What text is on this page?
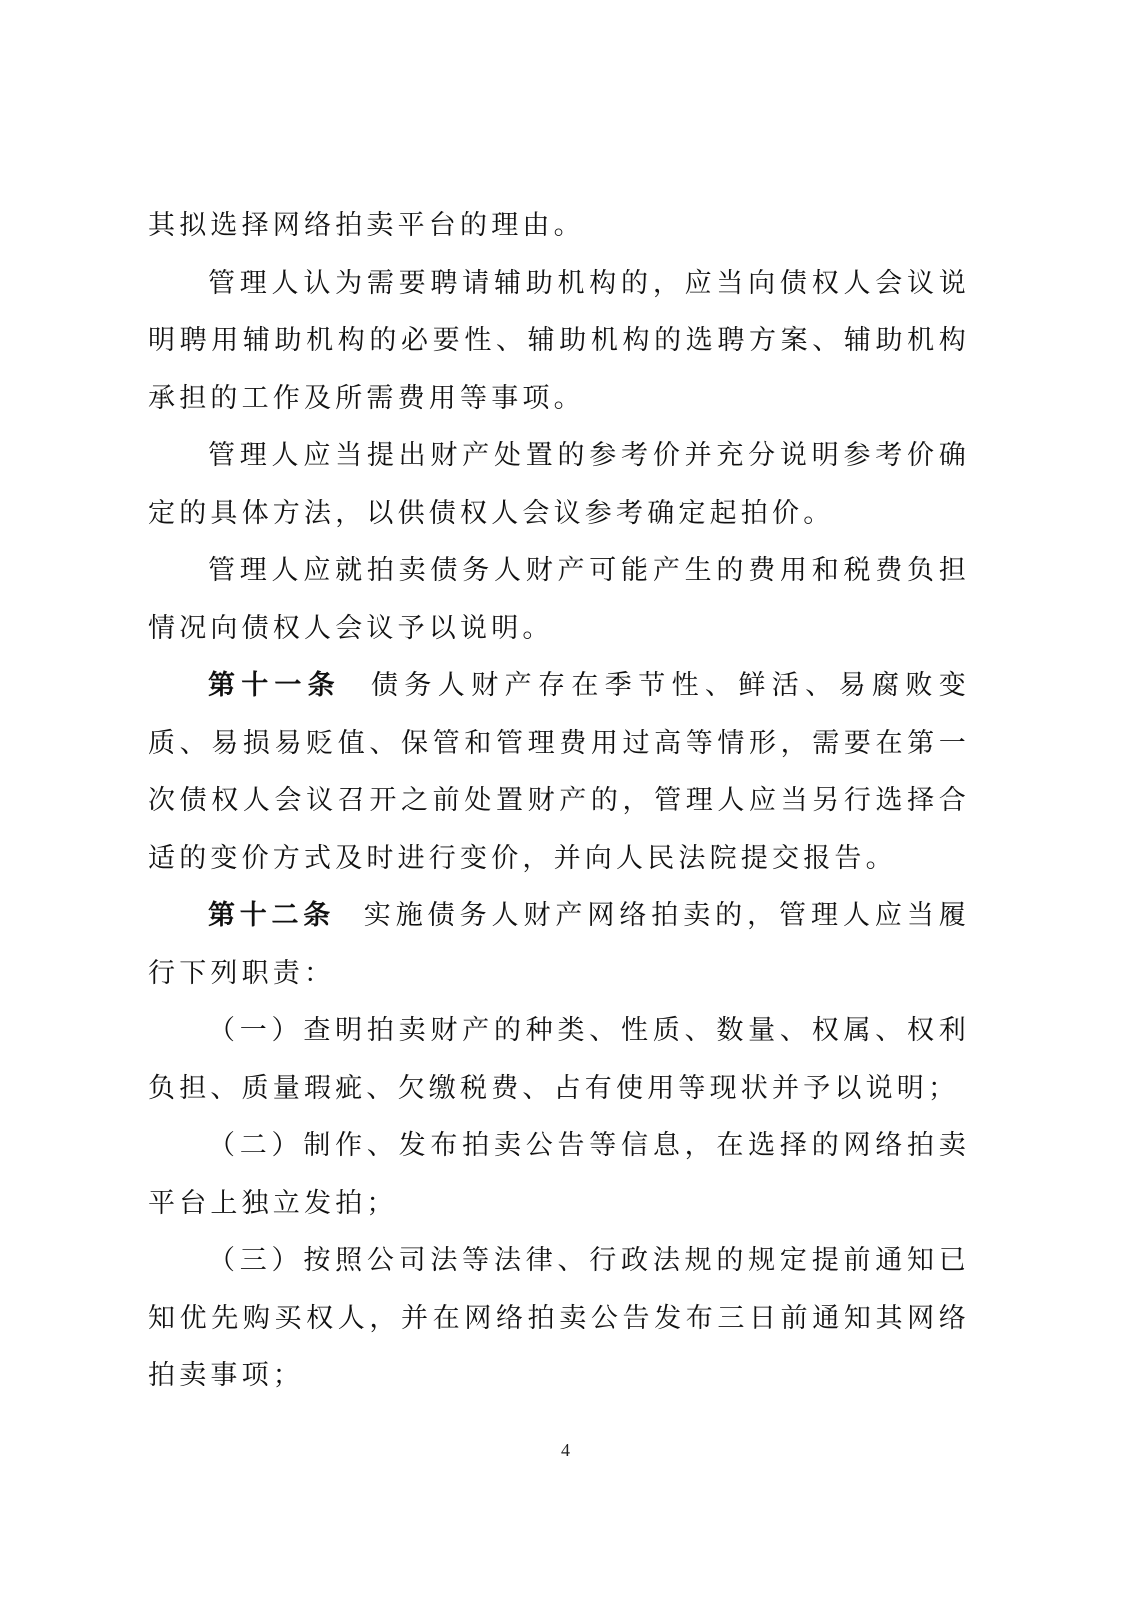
其拟选择网络拍卖平台的理由。

管理人认为需要聘请辅助机构的，应当向债权人会议说明聘用辅助机构的必要性、辅助机构的选聘方案、辅助机构承担的工作及所需费用等事项。

管理人应当提出财产处置的参考价并充分说明参考价确定的具体方法，以供债权人会议参考确定起拍价。

管理人应就拍卖债务人财产可能产生的费用和税费负担情况向债权人会议予以说明。

第十一条 债务人财产存在季节性、鲜活、易腐败变质、易损易贬值、保管和管理费用过高等情形，需要在第一次债权人会议召开之前处置财产的，管理人应当另行选择合适的变价方式及时进行变价，并向人民法院提交报告。

第十二条 实施债务人财产网络拍卖的，管理人应当履行下列职责：

（一）查明拍卖财产的种类、性质、数量、权属、权利负担、质量瑕疵、欠缴税费、占有使用等现状并予以说明；

（二）制作、发布拍卖公告等信息，在选择的网络拍卖平台上独立发拍；

（三）按照公司法等法律、行政法规的规定提前通知已知优先购买权人，并在网络拍卖公告发布三日前通知其网络拍卖事项；

4
